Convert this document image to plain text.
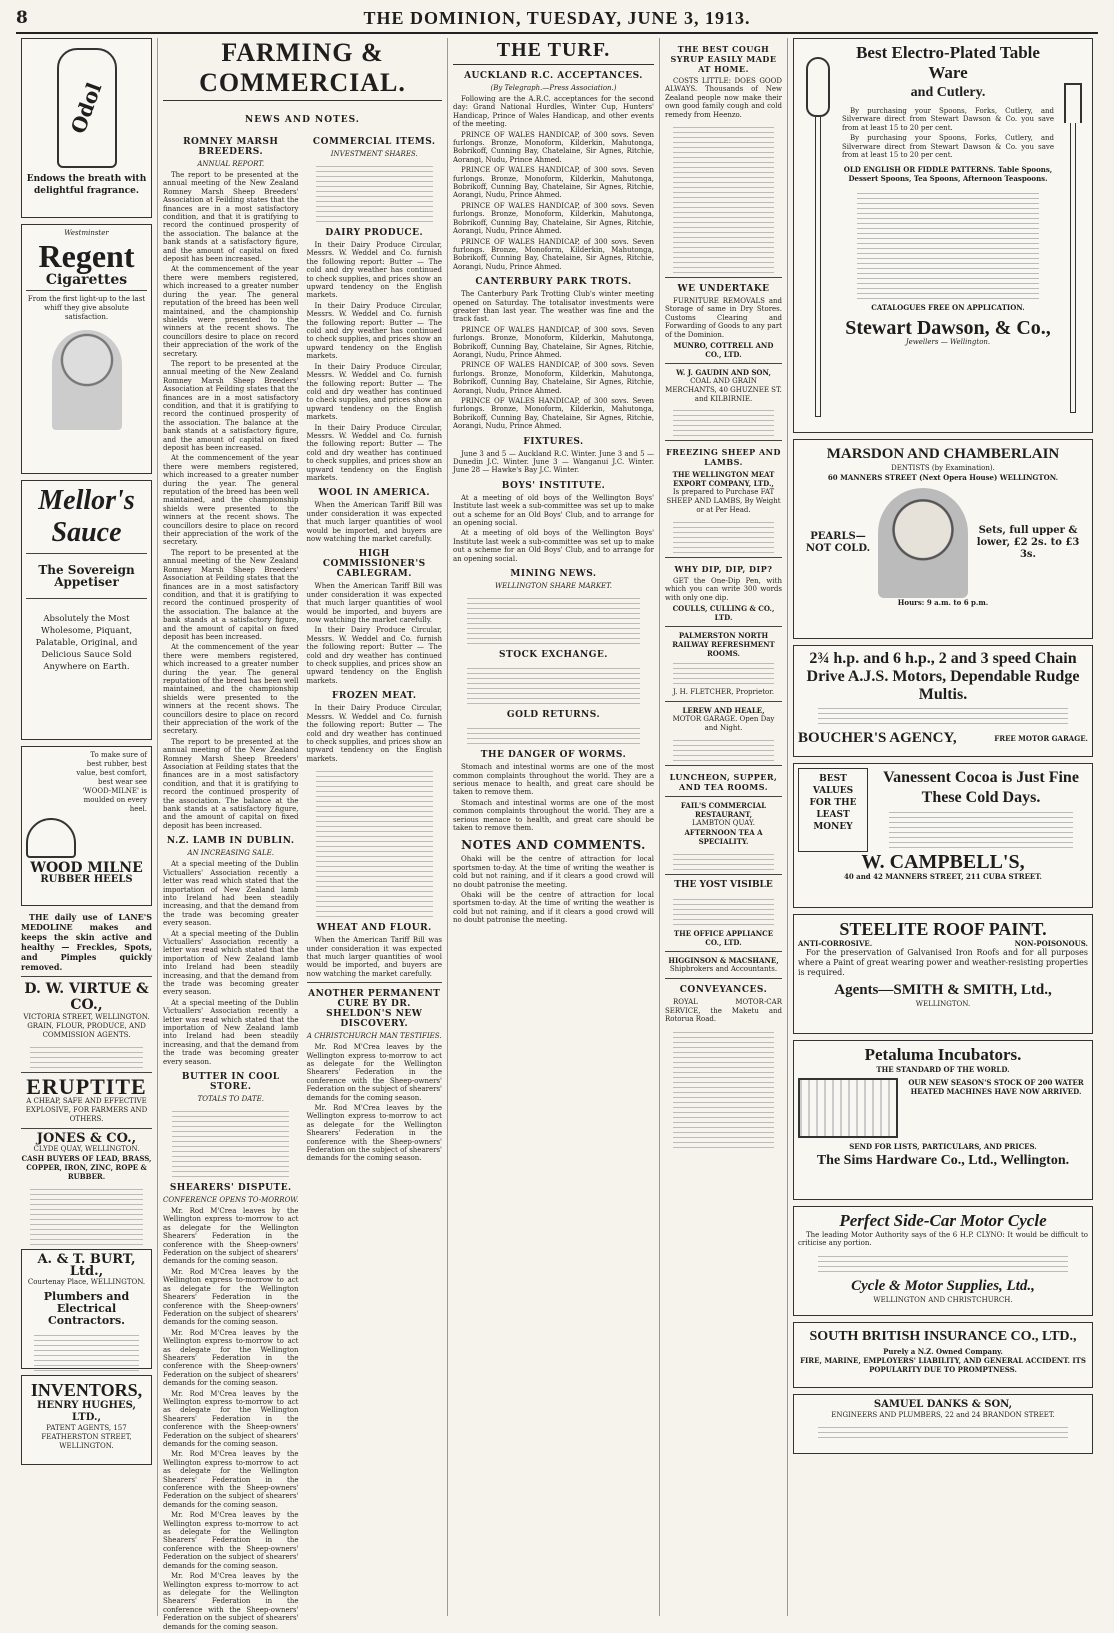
8	THE DOMINION, TUESDAY, JUNE 3, 1913.
Odol
Endows the breath with delightful fragrance.
Westminster
Regent
Cigarettes
From the first light-up to the last whiff they give absolute satisfaction.
Mellor's
Sauce
The Sovereign Appetiser
Absolutely the Most Wholesome, Piquant, Palatable, Original, and Delicious Sauce Sold Anywhere on Earth.
To make sure of best rubber, best value, best comfort, best wear see 'WOOD-MILNE' is moulded on every heel.
WOOD MILNE
RUBBER HEELS

THE daily use of LANE'S MEDOLINE makes and keeps the skin active and healthy — Freckles, Spots, and Pimples quickly removed.

D. W. VIRTUE & CO.,
VICTORIA STREET, WELLINGTON.
GRAIN, FLOUR, PRODUCE, AND COMMISSION AGENTS.
ERUPTITE
A CHEAP, SAFE AND EFFECTIVE EXPLOSIVE, FOR FARMERS AND OTHERS.
JONES & CO.,
CLYDE QUAY, WELLINGTON.
CASH BUYERS OF LEAD, BRASS, COPPER, IRON, ZINC, ROPE & RUBBER.
A. & T. BURT, Ltd.,
Courtenay Place, WELLINGTON.
Plumbers and Electrical Contractors.
INVENTORS,
HENRY HUGHES, LTD.,
PATENT AGENTS, 157 FEATHERSTON STREET, WELLINGTON.
FARMING & COMMERCIAL.
NEWS AND NOTES.
ROMNEY MARSH BREEDERS.
ANNUAL REPORT.

The report to be presented at the annual meeting of the New Zealand Romney Marsh Sheep Breeders' Association at Feilding states that the finances are in a most satisfactory condition, and that it is gratifying to record the continued prosperity of the association. The balance at the bank stands at a satisfactory figure, and the amount of capital on fixed deposit has been increased.

At the commencement of the year there were members registered, which increased to a greater number during the year. The general reputation of the breed has been well maintained, and the championship shields were presented to the winners at the recent shows. The councillors desire to place on record their appreciation of the work of the secretary.

The report to be presented at the annual meeting of the New Zealand Romney Marsh Sheep Breeders' Association at Feilding states that the finances are in a most satisfactory condition, and that it is gratifying to record the continued prosperity of the association. The balance at the bank stands at a satisfactory figure, and the amount of capital on fixed deposit has been increased.

At the commencement of the year there were members registered, which increased to a greater number during the year. The general reputation of the breed has been well maintained, and the championship shields were presented to the winners at the recent shows. The councillors desire to place on record their appreciation of the work of the secretary.

The report to be presented at the annual meeting of the New Zealand Romney Marsh Sheep Breeders' Association at Feilding states that the finances are in a most satisfactory condition, and that it is gratifying to record the continued prosperity of the association. The balance at the bank stands at a satisfactory figure, and the amount of capital on fixed deposit has been increased.

At the commencement of the year there were members registered, which increased to a greater number during the year. The general reputation of the breed has been well maintained, and the championship shields were presented to the winners at the recent shows. The councillors desire to place on record their appreciation of the work of the secretary.

The report to be presented at the annual meeting of the New Zealand Romney Marsh Sheep Breeders' Association at Feilding states that the finances are in a most satisfactory condition, and that it is gratifying to record the continued prosperity of the association. The balance at the bank stands at a satisfactory figure, and the amount of capital on fixed deposit has been increased.

N.Z. LAMB IN DUBLIN.
AN INCREASING SALE.

At a special meeting of the Dublin Victuallers' Association recently a letter was read which stated that the importation of New Zealand lamb into Ireland had been steadily increasing, and that the demand from the trade was becoming greater every season.

At a special meeting of the Dublin Victuallers' Association recently a letter was read which stated that the importation of New Zealand lamb into Ireland had been steadily increasing, and that the demand from the trade was becoming greater every season.

At a special meeting of the Dublin Victuallers' Association recently a letter was read which stated that the importation of New Zealand lamb into Ireland had been steadily increasing, and that the demand from the trade was becoming greater every season.

BUTTER IN COOL STORE.
TOTALS TO DATE.
SHEARERS' DISPUTE.
CONFERENCE OPENS TO-MORROW.

Mr. Rod M'Crea leaves by the Wellington express to-morrow to act as delegate for the Wellington Shearers' Federation in the conference with the Sheep-owners' Federation on the subject of shearers' demands for the coming season.

Mr. Rod M'Crea leaves by the Wellington express to-morrow to act as delegate for the Wellington Shearers' Federation in the conference with the Sheep-owners' Federation on the subject of shearers' demands for the coming season.

Mr. Rod M'Crea leaves by the Wellington express to-morrow to act as delegate for the Wellington Shearers' Federation in the conference with the Sheep-owners' Federation on the subject of shearers' demands for the coming season.

Mr. Rod M'Crea leaves by the Wellington express to-morrow to act as delegate for the Wellington Shearers' Federation in the conference with the Sheep-owners' Federation on the subject of shearers' demands for the coming season.

Mr. Rod M'Crea leaves by the Wellington express to-morrow to act as delegate for the Wellington Shearers' Federation in the conference with the Sheep-owners' Federation on the subject of shearers' demands for the coming season.

Mr. Rod M'Crea leaves by the Wellington express to-morrow to act as delegate for the Wellington Shearers' Federation in the conference with the Sheep-owners' Federation on the subject of shearers' demands for the coming season.

Mr. Rod M'Crea leaves by the Wellington express to-morrow to act as delegate for the Wellington Shearers' Federation in the conference with the Sheep-owners' Federation on the subject of shearers' demands for the coming season.

COMMERCIAL ITEMS.
INVESTMENT SHARES.
DAIRY PRODUCE.

In their Dairy Produce Circular, Messrs. W. Weddel and Co. furnish the following report: Butter — The cold and dry weather has continued to check supplies, and prices show an upward tendency on the English markets.

In their Dairy Produce Circular, Messrs. W. Weddel and Co. furnish the following report: Butter — The cold and dry weather has continued to check supplies, and prices show an upward tendency on the English markets.

In their Dairy Produce Circular, Messrs. W. Weddel and Co. furnish the following report: Butter — The cold and dry weather has continued to check supplies, and prices show an upward tendency on the English markets.

In their Dairy Produce Circular, Messrs. W. Weddel and Co. furnish the following report: Butter — The cold and dry weather has continued to check supplies, and prices show an upward tendency on the English markets.

WOOL IN AMERICA.

When the American Tariff Bill was under consideration it was expected that much larger quantities of wool would be imported, and buyers are now watching the market carefully.

HIGH COMMISSIONER'S CABLEGRAM.

When the American Tariff Bill was under consideration it was expected that much larger quantities of wool would be imported, and buyers are now watching the market carefully.

In their Dairy Produce Circular, Messrs. W. Weddel and Co. furnish the following report: Butter — The cold and dry weather has continued to check supplies, and prices show an upward tendency on the English markets.

FROZEN MEAT.

In their Dairy Produce Circular, Messrs. W. Weddel and Co. furnish the following report: Butter — The cold and dry weather has continued to check supplies, and prices show an upward tendency on the English markets.

WHEAT AND FLOUR.

When the American Tariff Bill was under consideration it was expected that much larger quantities of wool would be imported, and buyers are now watching the market carefully.

ANOTHER PERMANENT CURE BY DR. SHELDON'S NEW DISCOVERY.
A CHRISTCHURCH MAN TESTIFIES.

Mr. Rod M'Crea leaves by the Wellington express to-morrow to act as delegate for the Wellington Shearers' Federation in the conference with the Sheep-owners' Federation on the subject of shearers' demands for the coming season.

Mr. Rod M'Crea leaves by the Wellington express to-morrow to act as delegate for the Wellington Shearers' Federation in the conference with the Sheep-owners' Federation on the subject of shearers' demands for the coming season.

THE TURF.
AUCKLAND R.C. ACCEPTANCES.
(By Telegraph.—Press Association.)

Following are the A.R.C. acceptances for the second day: Grand National Hurdles, Winter Cup, Hunters' Handicap, Prince of Wales Handicap, and other events of the meeting.

PRINCE OF WALES HANDICAP, of 300 sovs. Seven furlongs. Bronze, Monoform, Kilderkin, Mahutonga, Bobrikoff, Cunning Bay, Chatelaine, Sir Agnes, Ritchie, Aorangi, Nudu, Prince Ahmed.

PRINCE OF WALES HANDICAP, of 300 sovs. Seven furlongs. Bronze, Monoform, Kilderkin, Mahutonga, Bobrikoff, Cunning Bay, Chatelaine, Sir Agnes, Ritchie, Aorangi, Nudu, Prince Ahmed.

PRINCE OF WALES HANDICAP, of 300 sovs. Seven furlongs. Bronze, Monoform, Kilderkin, Mahutonga, Bobrikoff, Cunning Bay, Chatelaine, Sir Agnes, Ritchie, Aorangi, Nudu, Prince Ahmed.

PRINCE OF WALES HANDICAP, of 300 sovs. Seven furlongs. Bronze, Monoform, Kilderkin, Mahutonga, Bobrikoff, Cunning Bay, Chatelaine, Sir Agnes, Ritchie, Aorangi, Nudu, Prince Ahmed.

CANTERBURY PARK TROTS.

The Canterbury Park Trotting Club's winter meeting opened on Saturday. The totalisator investments were greater than last year. The weather was fine and the track fast.

PRINCE OF WALES HANDICAP, of 300 sovs. Seven furlongs. Bronze, Monoform, Kilderkin, Mahutonga, Bobrikoff, Cunning Bay, Chatelaine, Sir Agnes, Ritchie, Aorangi, Nudu, Prince Ahmed.

PRINCE OF WALES HANDICAP, of 300 sovs. Seven furlongs. Bronze, Monoform, Kilderkin, Mahutonga, Bobrikoff, Cunning Bay, Chatelaine, Sir Agnes, Ritchie, Aorangi, Nudu, Prince Ahmed.

PRINCE OF WALES HANDICAP, of 300 sovs. Seven furlongs. Bronze, Monoform, Kilderkin, Mahutonga, Bobrikoff, Cunning Bay, Chatelaine, Sir Agnes, Ritchie, Aorangi, Nudu, Prince Ahmed.

FIXTURES.

June 3 and 5 — Auckland R.C. Winter. June 3 and 5 — Dunedin J.C. Winter. June 3 — Wanganui J.C. Winter. June 28 — Hawke's Bay J.C. Winter.

BOYS' INSTITUTE.

At a meeting of old boys of the Wellington Boys' Institute last week a sub-committee was set up to make out a scheme for an Old Boys' Club, and to arrange for an opening social.

At a meeting of old boys of the Wellington Boys' Institute last week a sub-committee was set up to make out a scheme for an Old Boys' Club, and to arrange for an opening social.

MINING NEWS.
WELLINGTON SHARE MARKET.
STOCK EXCHANGE.
GOLD RETURNS.
THE DANGER OF WORMS.

Stomach and intestinal worms are one of the most common complaints throughout the world. They are a serious menace to health, and great care should be taken to remove them.

Stomach and intestinal worms are one of the most common complaints throughout the world. They are a serious menace to health, and great care should be taken to remove them.

NOTES AND COMMENTS.

Ohaki will be the centre of attraction for local sportsmen to-day. At the time of writing the weather is cold but not raining, and if it clears a good crowd will no doubt patronise the meeting.

Ohaki will be the centre of attraction for local sportsmen to-day. At the time of writing the weather is cold but not raining, and if it clears a good crowd will no doubt patronise the meeting.

THE BEST COUGH SYRUP EASILY MADE AT HOME.

COSTS LITTLE: DOES GOOD ALWAYS. Thousands of New Zealand people now make their own good family cough and cold remedy from Heenzo.

WE UNDERTAKE

FURNITURE REMOVALS and Storage of same in Dry Stores. Customs Clearing and Forwarding of Goods to any part of the Dominion.

MUNRO, COTTRELL AND CO., LTD.
W. J. GAUDIN AND SON,
COAL AND GRAIN MERCHANTS, 40 GHUZNEE ST. and KILBIRNIE.
FREEZING SHEEP AND LAMBS.
THE WELLINGTON MEAT EXPORT COMPANY, LTD.,
Is prepared to Purchase FAT SHEEP AND LAMBS, By Weight or at Per Head.
WHY DIP, DIP, DIP?

GET the One-Dip Pen, with which you can write 300 words with only one dip.

COULLS, CULLING & CO., LTD.
PALMERSTON NORTH RAILWAY REFRESHMENT ROOMS.
J. H. FLETCHER, Proprietor.
LEREW AND HEALE,
MOTOR GARAGE. Open Day and Night.
LUNCHEON, SUPPER, AND TEA ROOMS.
FAIL'S COMMERCIAL RESTAURANT,
LAMBTON QUAY.
AFTERNOON TEA A SPECIALITY.
THE YOST VISIBLE
THE OFFICE APPLIANCE CO., LTD.
HIGGINSON & MACSHANE,
Shipbrokers and Accountants.
CONVEYANCES.

ROYAL MOTOR-CAR SERVICE, the Maketu and Rotorua Road.

Best Electro-Plated Table Ware
and Cutlery.

By purchasing your Spoons, Forks, Cutlery, and Silverware direct from Stewart Dawson & Co. you save from at least 15 to 20 per cent.

By purchasing your Spoons, Forks, Cutlery, and Silverware direct from Stewart Dawson & Co. you save from at least 15 to 20 per cent.

OLD ENGLISH OR FIDDLE PATTERNS. Table Spoons, Dessert Spoons, Tea Spoons, Afternoon Teaspoons.
CATALOGUES FREE ON APPLICATION.
Stewart Dawson, & Co.,
Jewellers — Wellington.
MARSDON AND CHAMBERLAIN
DENTISTS (by Examination).
60 MANNERS STREET (Next Opera House) WELLINGTON.
PEARLS— NOT COLD.
Sets, full upper & lower, £2 2s. to £3 3s.
Hours: 9 a.m. to 6 p.m.
2¾ h.p. and 6 h.p., 2 and 3 speed Chain Drive A.J.S. Motors, Dependable Rudge Multis.
BOUCHER'S AGENCY,	FREE MOTOR GARAGE.
BEST VALUES FOR THE LEAST MONEY
Vanessent Cocoa is Just Fine These Cold Days.
W. CAMPBELL'S,
40 and 42 MANNERS STREET, 211 CUBA STREET.
STEELITE ROOF PAINT.
ANTI-CORROSIVE.	NON-POISONOUS.

For the preservation of Galvanised Iron Roofs and for all purposes where a Paint of great wearing power and weather-resisting properties is required.

Agents—SMITH & SMITH, Ltd.,
WELLINGTON.
Petaluma Incubators.
THE STANDARD OF THE WORLD.
OUR NEW SEASON'S STOCK OF 200 WATER HEATED MACHINES HAVE NOW ARRIVED.
SEND FOR LISTS, PARTICULARS, AND PRICES.
The Sims Hardware Co., Ltd., Wellington.
Perfect Side-Car Motor Cycle

The leading Motor Authority says of the 6 H.P. CLYNO: It would be difficult to criticise any portion.

Cycle & Motor Supplies, Ltd.,
WELLINGTON AND CHRISTCHURCH.
SOUTH BRITISH INSURANCE CO., LTD.,
Purely a N.Z. Owned Company.
FIRE, MARINE, EMPLOYERS' LIABILITY, AND GENERAL ACCIDENT. ITS POPULARITY DUE TO PROMPTNESS.
SAMUEL DANKS & SON,
ENGINEERS AND PLUMBERS, 22 and 24 BRANDON STREET.
